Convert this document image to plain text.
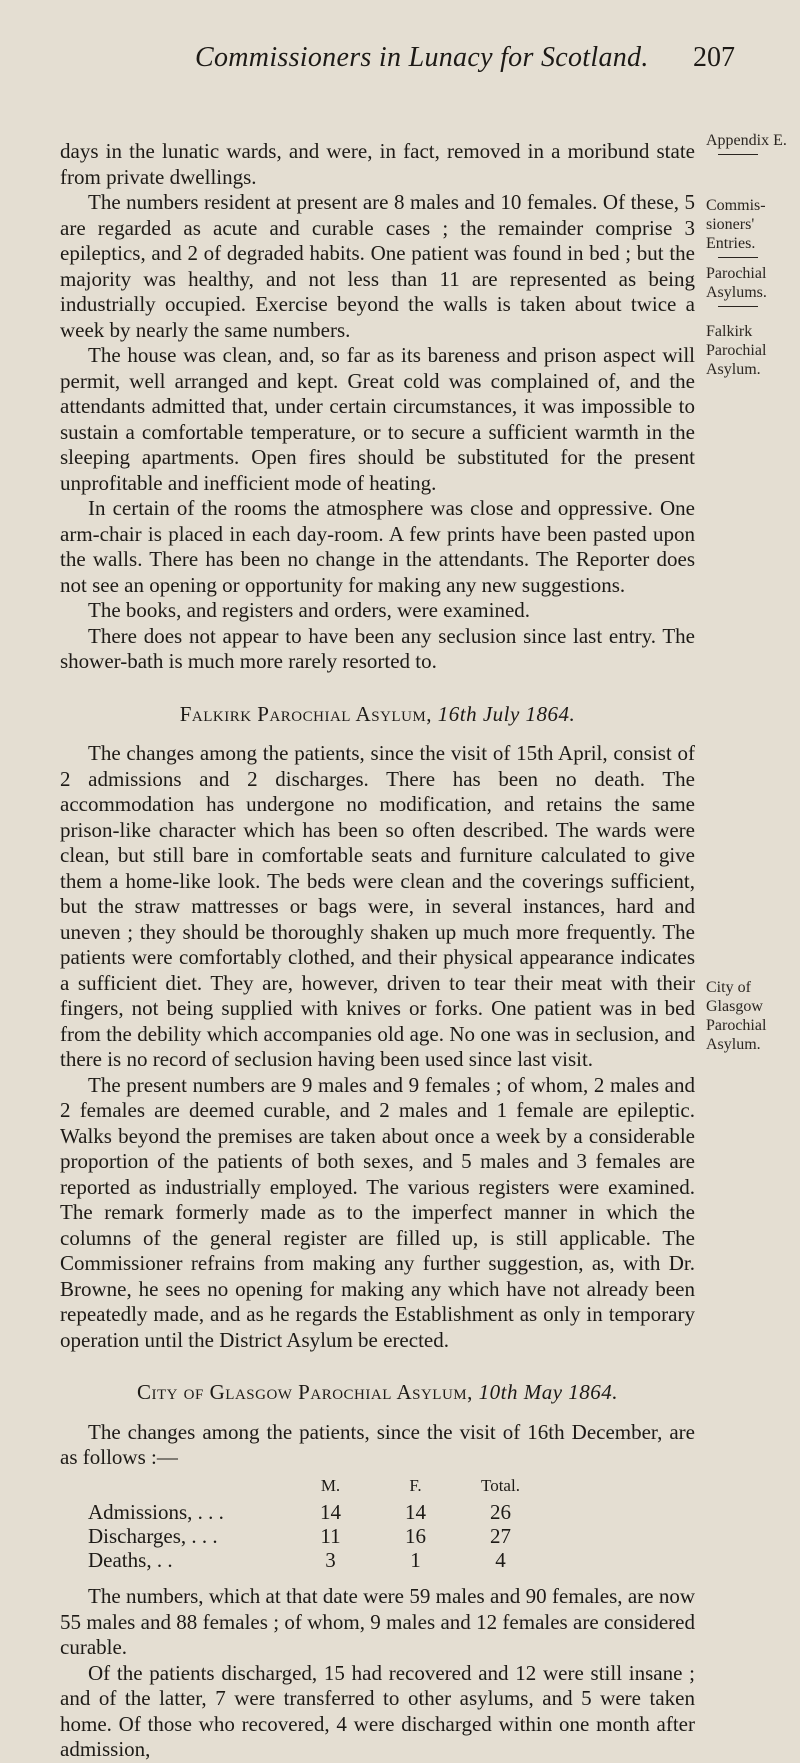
Commissioners in Lunacy for Scotland. 207
Appendix E.
Commis-sioners' Entries.
Parochial Asylums.
Falkirk Parochial Asylum.
City of Glasgow Parochial Asylum.

days in the lunatic wards, and were, in fact, removed in a moribund state from private dwellings.

The numbers resident at present are 8 males and 10 females. Of these, 5 are regarded as acute and curable cases ; the remainder comprise 3 epileptics, and 2 of degraded habits. One patient was found in bed ; but the majority was healthy, and not less than 11 are represented as being industrially occupied. Exercise beyond the walls is taken about twice a week by nearly the same numbers.

The house was clean, and, so far as its bareness and prison aspect will permit, well arranged and kept. Great cold was complained of, and the attendants admitted that, under certain circumstances, it was impossible to sustain a comfortable temperature, or to secure a sufficient warmth in the sleeping apartments. Open fires should be substituted for the present unprofitable and inefficient mode of heating.

In certain of the rooms the atmosphere was close and oppressive. One arm-chair is placed in each day-room. A few prints have been pasted upon the walls. There has been no change in the attendants. The Reporter does not see an opening or opportunity for making any new suggestions.

The books, and registers and orders, were examined.

There does not appear to have been any seclusion since last entry. The shower-bath is much more rarely resorted to.

Falkirk Parochial Asylum, 16th July 1864.

The changes among the patients, since the visit of 15th April, consist of 2 admissions and 2 discharges. There has been no death. The accommodation has undergone no modification, and retains the same prison-like character which has been so often described. The wards were clean, but still bare in comfortable seats and furniture calculated to give them a home-like look. The beds were clean and the coverings sufficient, but the straw mattresses or bags were, in several instances, hard and uneven ; they should be thoroughly shaken up much more frequently. The patients were comfortably clothed, and their physical appearance indicates a sufficient diet. They are, however, driven to tear their meat with their fingers, not being supplied with knives or forks. One patient was in bed from the debility which accompanies old age. No one was in seclusion, and there is no record of seclusion having been used since last visit.

The present numbers are 9 males and 9 females ; of whom, 2 males and 2 females are deemed curable, and 2 males and 1 female are epileptic. Walks beyond the premises are taken about once a week by a considerable proportion of the patients of both sexes, and 5 males and 3 females are reported as industrially employed. The various registers were examined. The remark formerly made as to the imperfect manner in which the columns of the general register are filled up, is still applicable. The Commissioner refrains from making any further suggestion, as, with Dr. Browne, he sees no opening for making any which have not already been repeatedly made, and as he regards the Establishment as only in temporary operation until the District Asylum be erected.

City of Glasgow Parochial Asylum, 10th May 1864.

The changes among the patients, since the visit of 16th December, are as follows :—

	M.	F.	Total.
Admissions, . . .	14	14	26
Discharges, . . .	11	16	27
Deaths, . .	3	1	4

The numbers, which at that date were 59 males and 90 females, are now 55 males and 88 females ; of whom, 9 males and 12 females are considered curable.

Of the patients discharged, 15 had recovered and 12 were still insane ; and of the latter, 7 were transferred to other asylums, and 5 were taken home. Of those who recovered, 4 were discharged within one month after admission,
